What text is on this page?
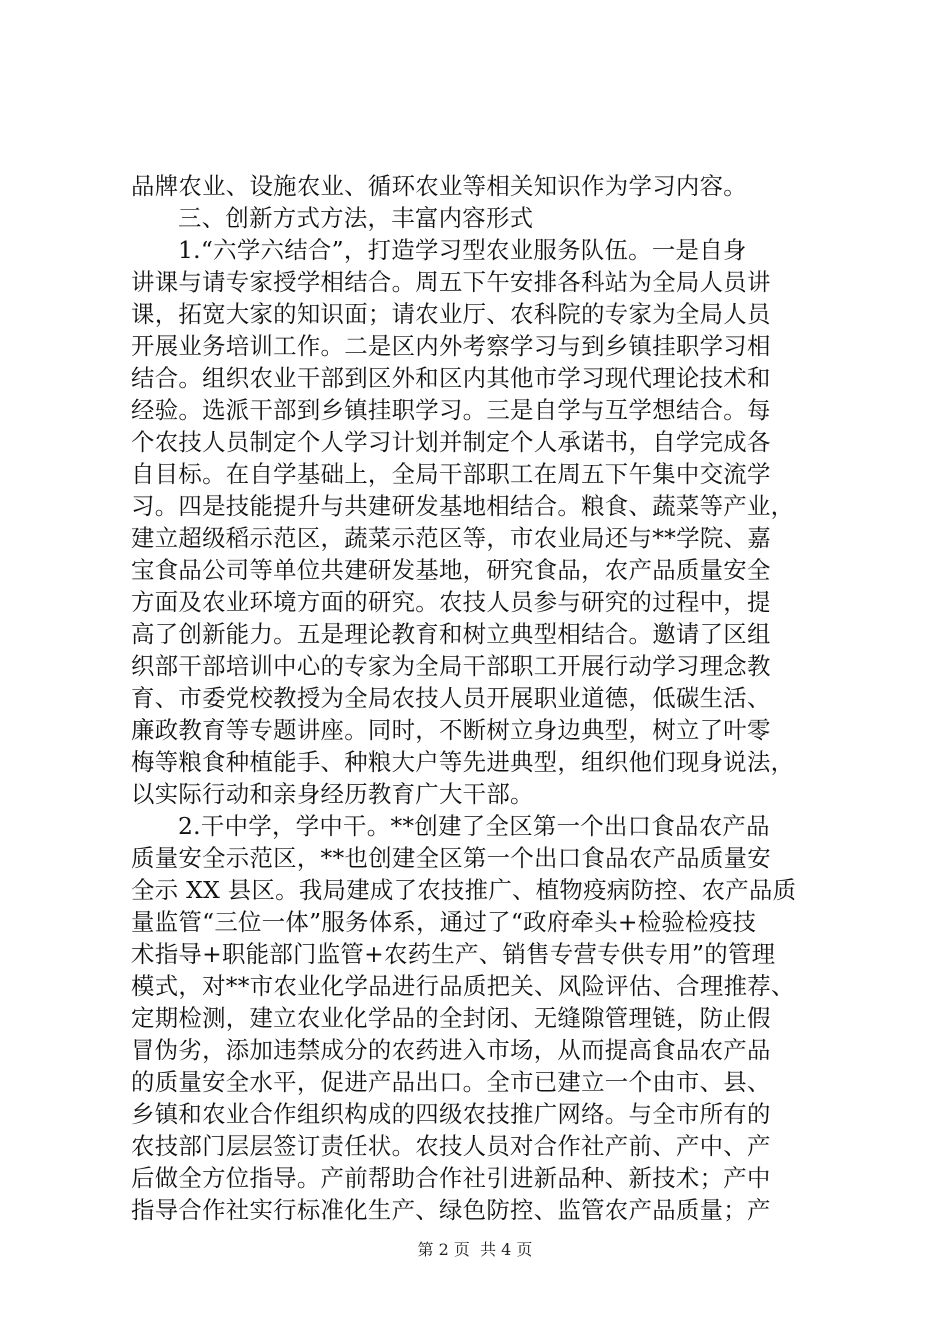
品牌农业、设施农业、循环农业等相关知识作为学习内容。
三、创新方式方法，丰富内容形式
1.“六学六结合”，打造学习型农业服务队伍。一是自身
讲课与请专家授学相结合。周五下午安排各科站为全局人员讲
课，拓宽大家的知识面；请农业厅、农科院的专家为全局人员
开展业务培训工作。二是区内外考察学习与到乡镇挂职学习相
结合。组织农业干部到区外和区内其他市学习现代理论技术和
经验。选派干部到乡镇挂职学习。三是自学与互学想结合。每
个农技人员制定个人学习计划并制定个人承诺书，自学完成各
自目标。在自学基础上，全局干部职工在周五下午集中交流学
习。四是技能提升与共建研发基地相结合。粮食、蔬菜等产业，
建立超级稻示范区，蔬菜示范区等，市农业局还与**学院、嘉
宝食品公司等单位共建研发基地，研究食品，农产品质量安全
方面及农业环境方面的研究。农技人员参与研究的过程中，提
高了创新能力。五是理论教育和树立典型相结合。邀请了区组
织部干部培训中心的专家为全局干部职工开展行动学习理念教
育、市委党校教授为全局农技人员开展职业道德，低碳生活、
廉政教育等专题讲座。同时，不断树立身边典型，树立了叶零
梅等粮食种植能手、种粮大户等先进典型，组织他们现身说法，
以实际行动和亲身经历教育广大干部。
2.干中学，学中干。**创建了全区第一个出口食品农产品
质量安全示范区，**也创建全区第一个出口食品农产品质量安
全示 XX 县区。我局建成了农技推广、植物疫病防控、农产品质
量监管“三位一体”服务体系，通过了“政府牵头+检验检疫技
术指导+职能部门监管+农药生产、销售专营专供专用”的管理
模式，对**市农业化学品进行品质把关、风险评估、合理推荐、
定期检测，建立农业化学品的全封闭、无缝隙管理链，防止假
冒伪劣，添加违禁成分的农药进入市场，从而提高食品农产品
的质量安全水平，促进产品出口。全市已建立一个由市、县、
乡镇和农业合作组织构成的四级农技推广网络。与全市所有的
农技部门层层签订责任状。农技人员对合作社产前、产中、产
后做全方位指导。产前帮助合作社引进新品种、新技术；产中
指导合作社实行标准化生产、绿色防控、监管农产品质量；产
第 2 页  共 4 页
